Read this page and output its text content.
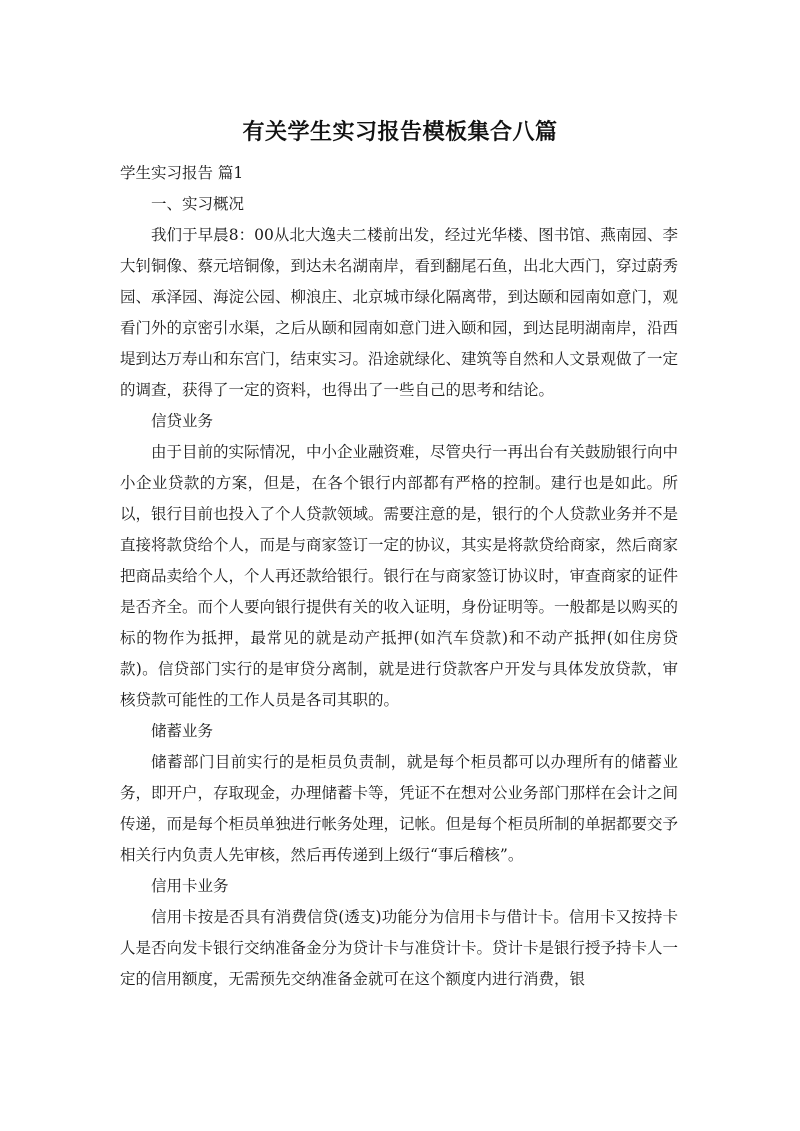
有关学生实习报告模板集合八篇

学生实习报告 篇1

一、实习概况

我们于早晨8：00从北大逸夫二楼前出发，经过光华楼、图书馆、燕南园、李大钊铜像、蔡元培铜像，到达未名湖南岸，看到翻尾石鱼，出北大西门，穿过蔚秀园、承泽园、海淀公园、柳浪庄、北京城市绿化隔离带，到达颐和园南如意门，观看门外的京密引水渠，之后从颐和园南如意门进入颐和园，到达昆明湖南岸，沿西堤到达万寿山和东宫门，结束实习。沿途就绿化、建筑等自然和人文景观做了一定的调查，获得了一定的资料，也得出了一些自己的思考和结论。

信贷业务

由于目前的实际情况，中小企业融资难，尽管央行一再出台有关鼓励银行向中小企业贷款的方案，但是，在各个银行内部都有严格的控制。建行也是如此。所以，银行目前也投入了个人贷款领域。需要注意的是，银行的个人贷款业务并不是直接将款贷给个人，而是与商家签订一定的协议，其实是将款贷给商家，然后商家把商品卖给个人，个人再还款给银行。银行在与商家签订协议时，审查商家的证件是否齐全。而个人要向银行提供有关的收入证明，身份证明等。一般都是以购买的标的物作为抵押，最常见的就是动产抵押(如汽车贷款)和不动产抵押(如住房贷款)。信贷部门实行的是审贷分离制，就是进行贷款客户开发与具体发放贷款，审核贷款可能性的工作人员是各司其职的。

储蓄业务

储蓄部门目前实行的是柜员负责制，就是每个柜员都可以办理所有的储蓄业务，即开户，存取现金，办理储蓄卡等，凭证不在想对公业务部门那样在会计之间传递，而是每个柜员单独进行帐务处理，记帐。但是每个柜员所制的单据都要交予相关行内负责人先审核，然后再传递到上级行“事后稽核”。

信用卡业务

信用卡按是否具有消费信贷(透支)功能分为信用卡与借计卡。信用卡又按持卡人是否向发卡银行交纳准备金分为贷计卡与准贷计卡。贷计卡是银行授予持卡人一定的信用额度，无需预先交纳准备金就可在这个额度内进行消费，银
